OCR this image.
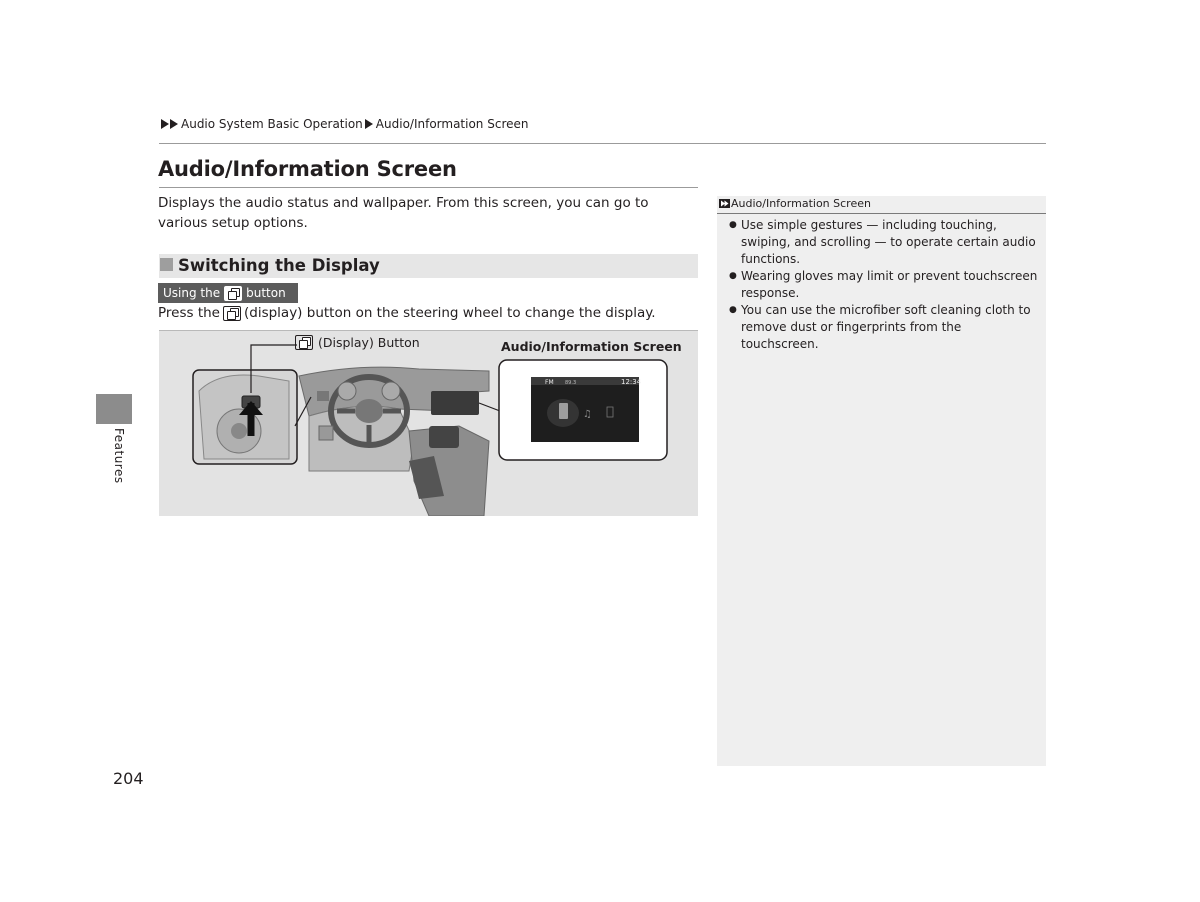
Audio System Basic Operation Audio/Information Screen
Audio/Information Screen
Displays the audio status and wallpaper. From this screen, you can go to various setup options.
Switching the Display
Using the button
Press the (display) button on the steering wheel to change the display.
♫
FM 89.3	12:34
(Display) Button	Audio/Information Screen
Audio/Information Screen
● Use simple gestures — including touching, swiping, and scrolling — to operate certain audio functions.
● Wearing gloves may limit or prevent touchscreen response.
● You can use the microfiber soft cleaning cloth to remove dust or fingerprints from the touchscreen.
Features
204
